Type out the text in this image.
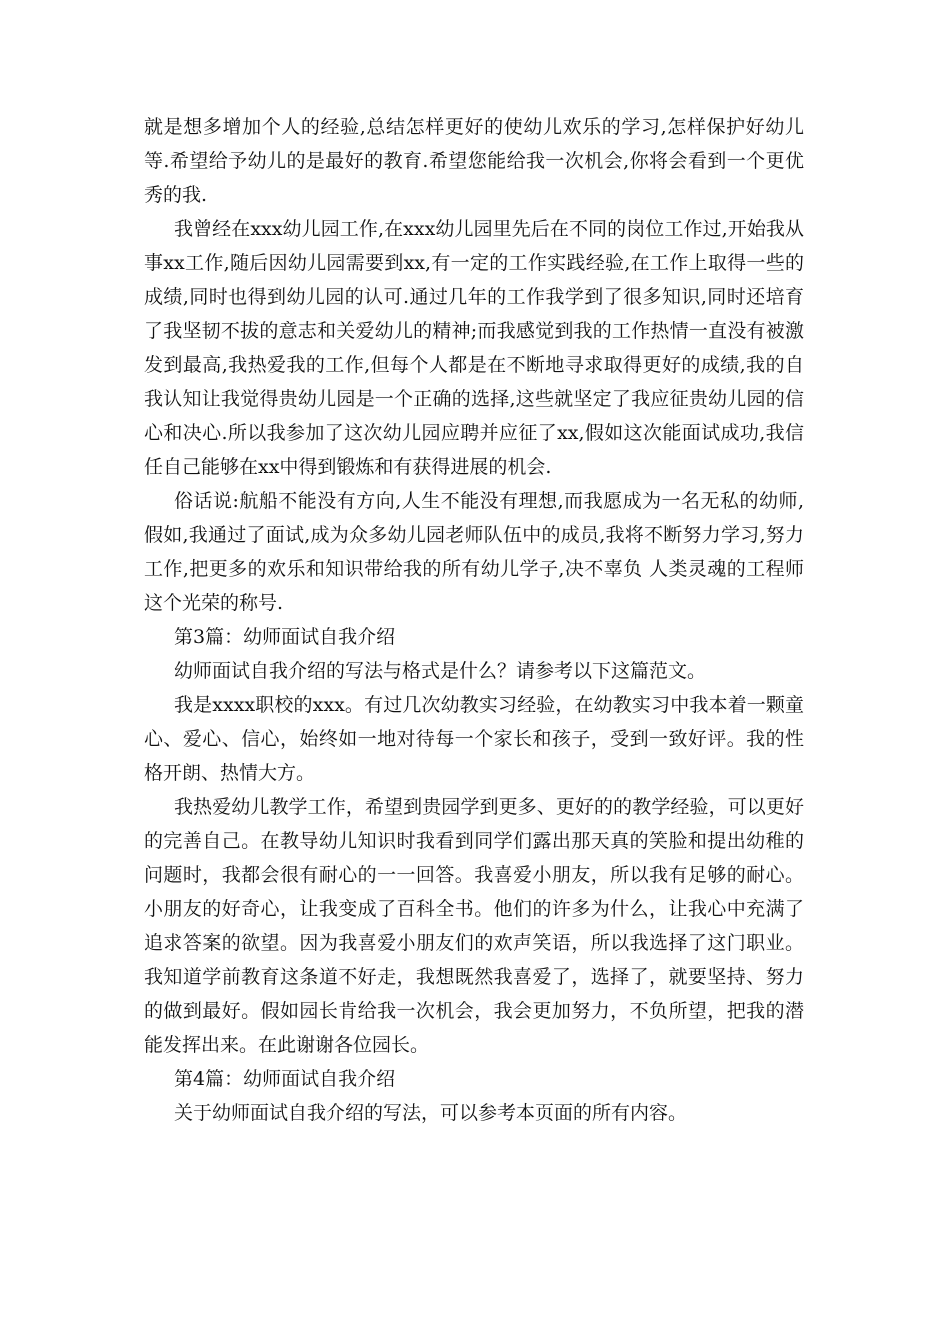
就是想多增加个人的经验,总结怎样更好的使幼儿欢乐的学习,怎样保护好幼儿等.希望给予幼儿的是最好的教育.希望您能给我一次机会,你将会看到一个更优秀的我.

我曾经在xxx幼儿园工作,在xxx幼儿园里先后在不同的岗位工作过,开始我从事xx工作,随后因幼儿园需要到xx,有一定的工作实践经验,在工作上取得一些的成绩,同时也得到幼儿园的认可.通过几年的工作我学到了很多知识,同时还培育了我坚韧不拔的意志和关爱幼儿的精神;而我感觉到我的工作热情一直没有被激发到最高,我热爱我的工作,但每个人都是在不断地寻求取得更好的成绩,我的自我认知让我觉得贵幼儿园是一个正确的选择,这些就坚定了我应征贵幼儿园的信心和决心.所以我参加了这次幼儿园应聘并应征了xx,假如这次能面试成功,我信任自己能够在xx中得到锻炼和有获得进展的机会.

俗话说:航船不能没有方向,人生不能没有理想,而我愿成为一名无私的幼师,假如,我通过了面试,成为众多幼儿园老师队伍中的成员,我将不断努力学习,努力工作,把更多的欢乐和知识带给我的所有幼儿学子,决不辜负 人类灵魂的工程师 这个光荣的称号.

第3篇：幼师面试自我介绍

幼师面试自我介绍的写法与格式是什么？请参考以下这篇范文。

我是xxxx职校的xxx。有过几次幼教实习经验，在幼教实习中我本着一颗童心、爱心、信心，始终如一地对待每一个家长和孩子，受到一致好评。我的性格开朗、热情大方。

我热爱幼儿教学工作，希望到贵园学到更多、更好的的教学经验，可以更好的完善自己。在教导幼儿知识时我看到同学们露出那天真的笑脸和提出幼稚的问题时，我都会很有耐心的一一回答。我喜爱小朋友，所以我有足够的耐心。小朋友的好奇心，让我变成了百科全书。他们的许多为什么，让我心中充满了追求答案的欲望。因为我喜爱小朋友们的欢声笑语，所以我选择了这门职业。我知道学前教育这条道不好走，我想既然我喜爱了，选择了，就要坚持、努力的做到最好。假如园长肯给我一次机会，我会更加努力，不负所望，把我的潜能发挥出来。在此谢谢各位园长。

第4篇：幼师面试自我介绍

关于幼师面试自我介绍的写法，可以参考本页面的所有内容。
